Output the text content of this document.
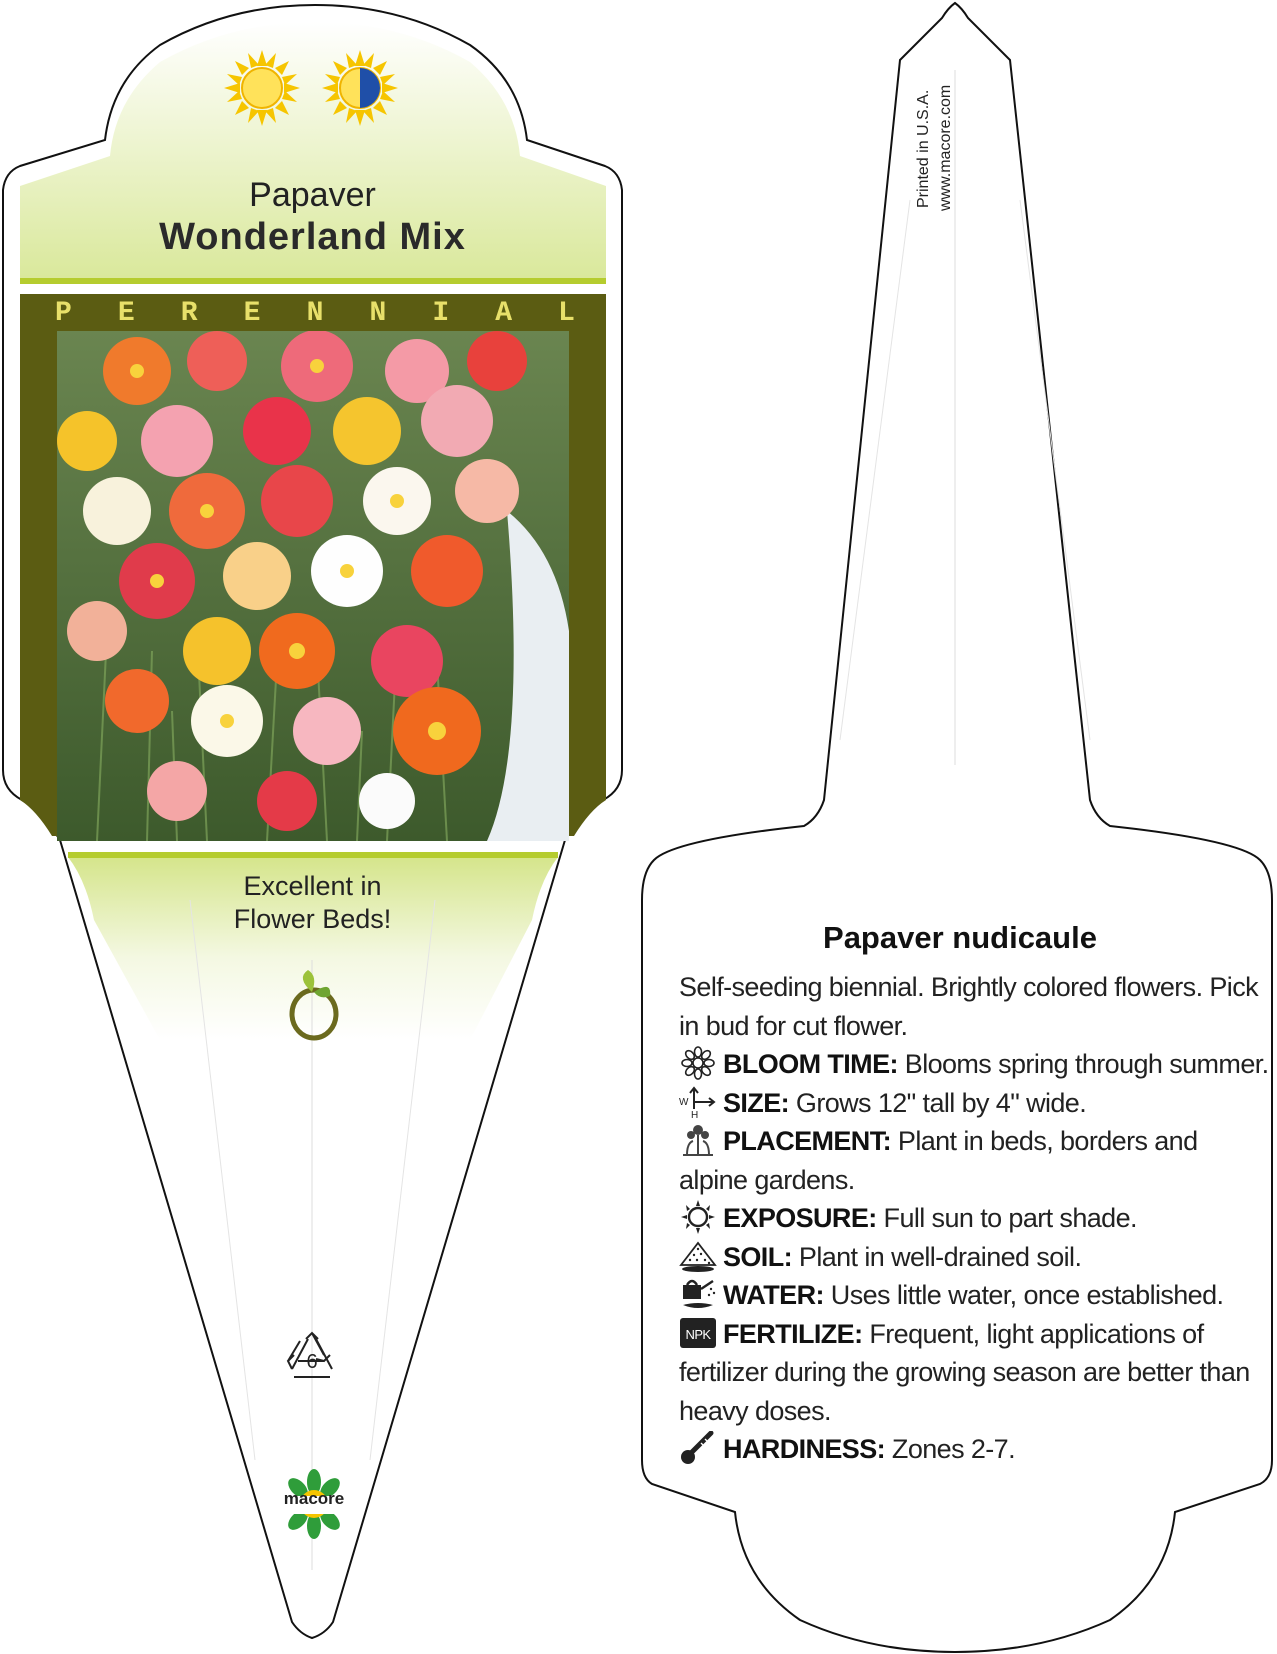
Papaver
Wonderland Mix
P E R E N N I A L
Excellent in
Flower Beds!
6
macore
Printed in U.S.A. www.macore.com
Papaver nudicaule

Self-seeding biennial. Brightly colored flowers. Pick in bud for cut flower.

BLOOM TIME: Blooms spring through summer.

W
H SIZE: Grows 12" tall by 4" wide.

PLACEMENT: Plant in beds, borders and alpine gardens.

EXPOSURE: Full sun to part shade.

SOIL: Plant in well-drained soil.

WATER: Uses little water, once established.

NPK FERTILIZE: Frequent, light applications of fertilizer during the growing season are better than heavy doses.

HARDINESS: Zones 2-7.
